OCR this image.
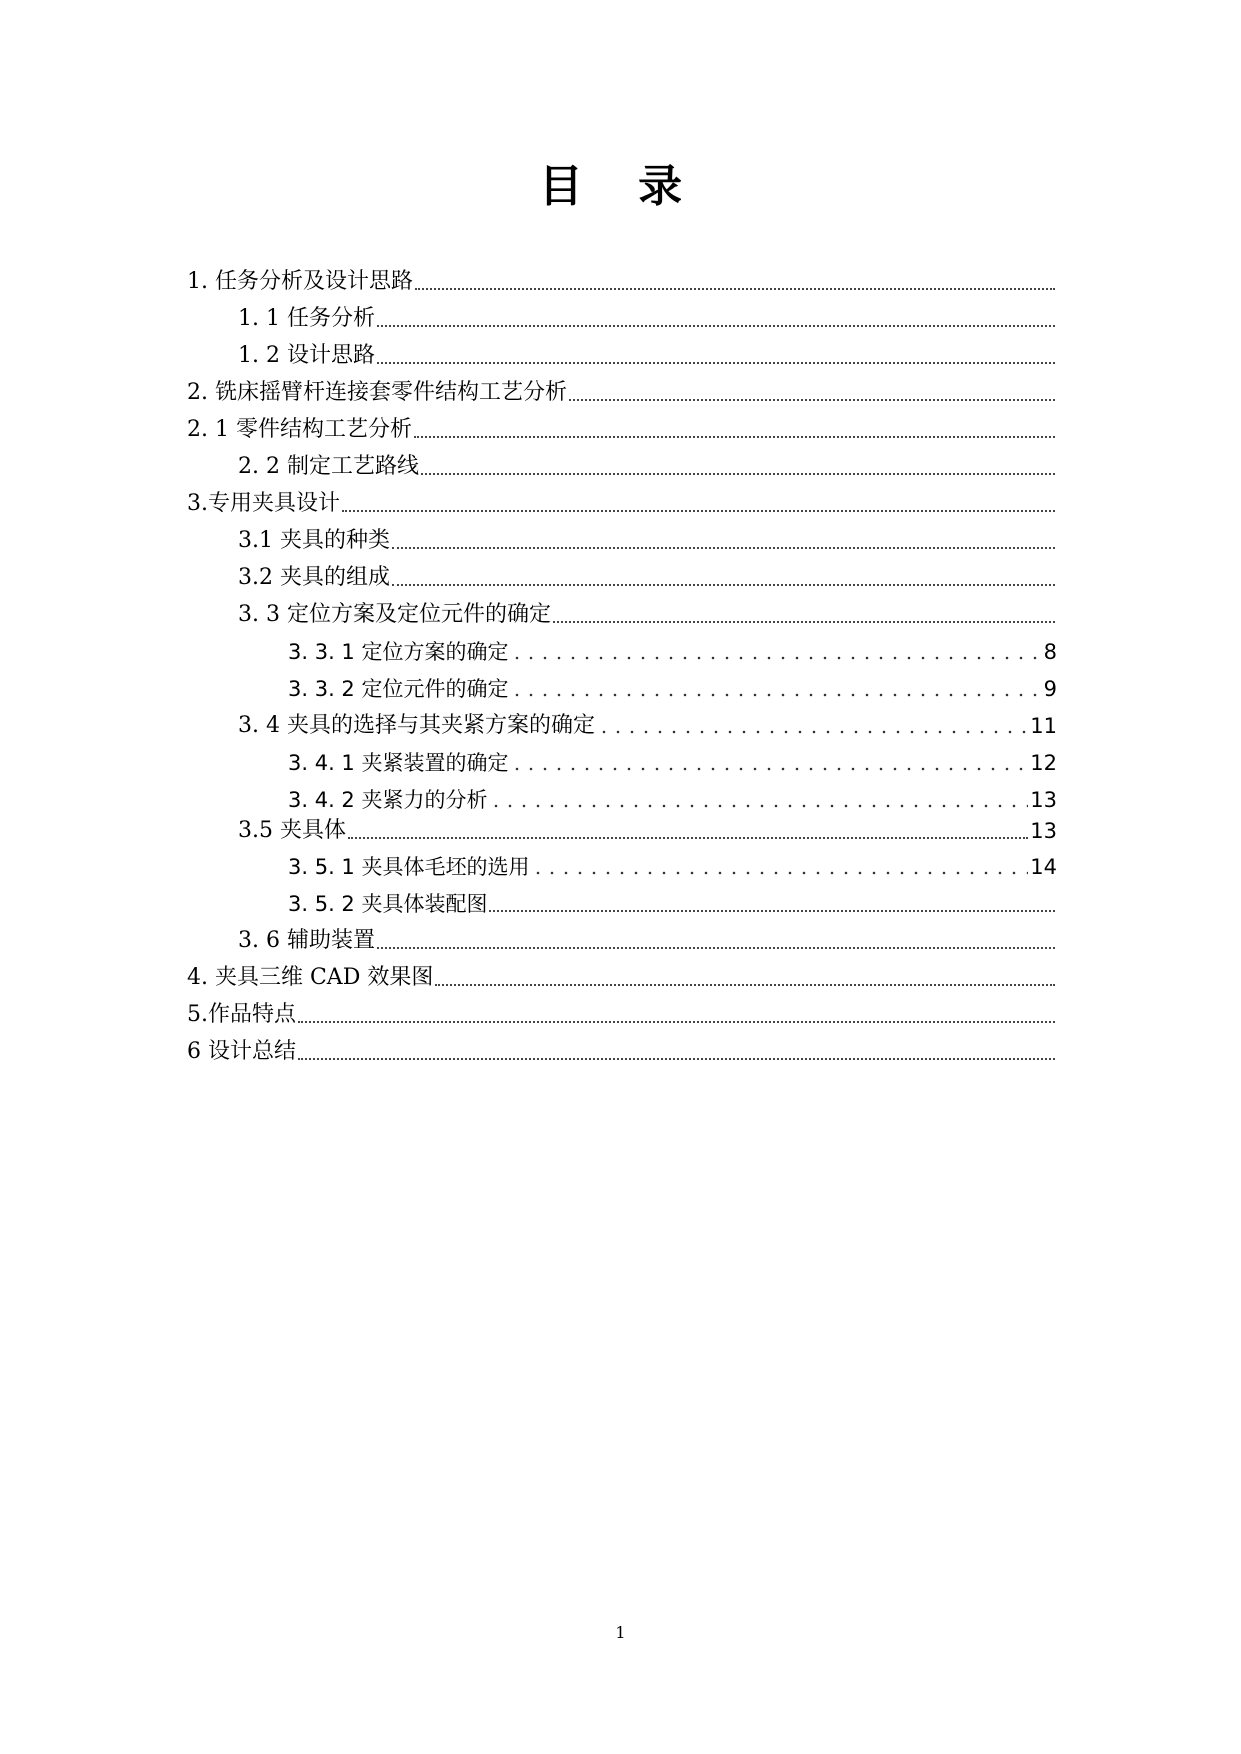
目 录
1. 任务分析及设计思路
1. 1 任务分析
1. 2 设计思路
2. 铣床摇臂杆连接套零件结构工艺分析
2. 1 零件结构工艺分析
2. 2 制定工艺路线
3.专用夹具设计
3.1 夹具的种类
3.2 夹具的组成
3. 3 定位方案及定位元件的确定
3. 3. 1 定位方案的确定	8
3. 3. 2 定位元件的确定	9
3. 4 夹具的选择与其夹紧方案的确定	11
3. 4. 1 夹紧装置的确定	12
3. 4. 2 夹紧力的分析	13
3.5 夹具体	13
3. 5. 1 夹具体毛坯的选用	14
3. 5. 2 夹具体装配图
3. 6 辅助装置
4. 夹具三维 CAD 效果图
5.作品特点
6 设计总结
1
